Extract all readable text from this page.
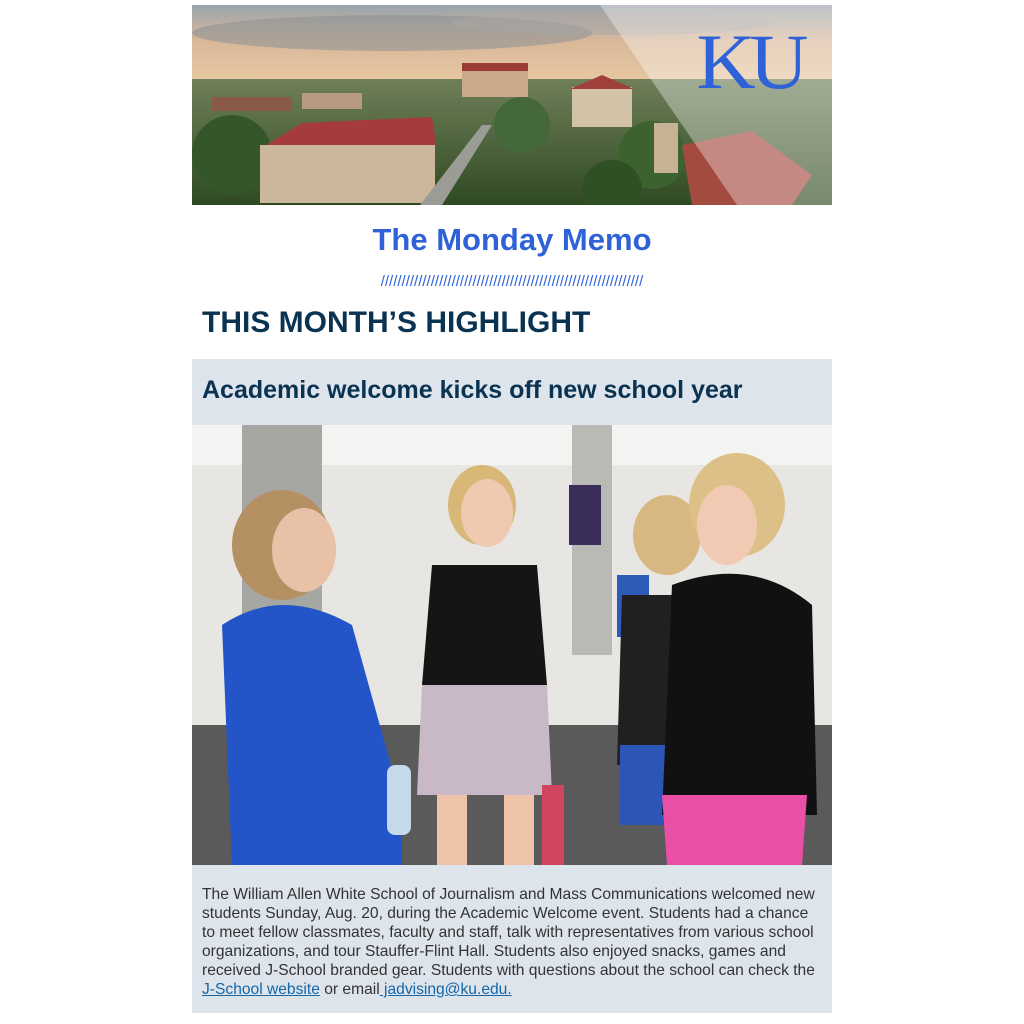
KU
The Monday Memo
///////////////////////////////////////////////////////////////
THIS MONTH’S HIGHLIGHT
Academic welcome kicks off new school year
The William Allen White School of Journalism and Mass Communications welcomed new students Sunday, Aug. 20, during the Academic Welcome event. Students had a chance to meet fellow classmates, faculty and staff, talk with representatives from various school organizations, and tour Stauffer-Flint Hall. Students also enjoyed snacks, games and received J-School branded gear. Students with questions about the school can check the J-School website or email jadvising@ku.edu.
